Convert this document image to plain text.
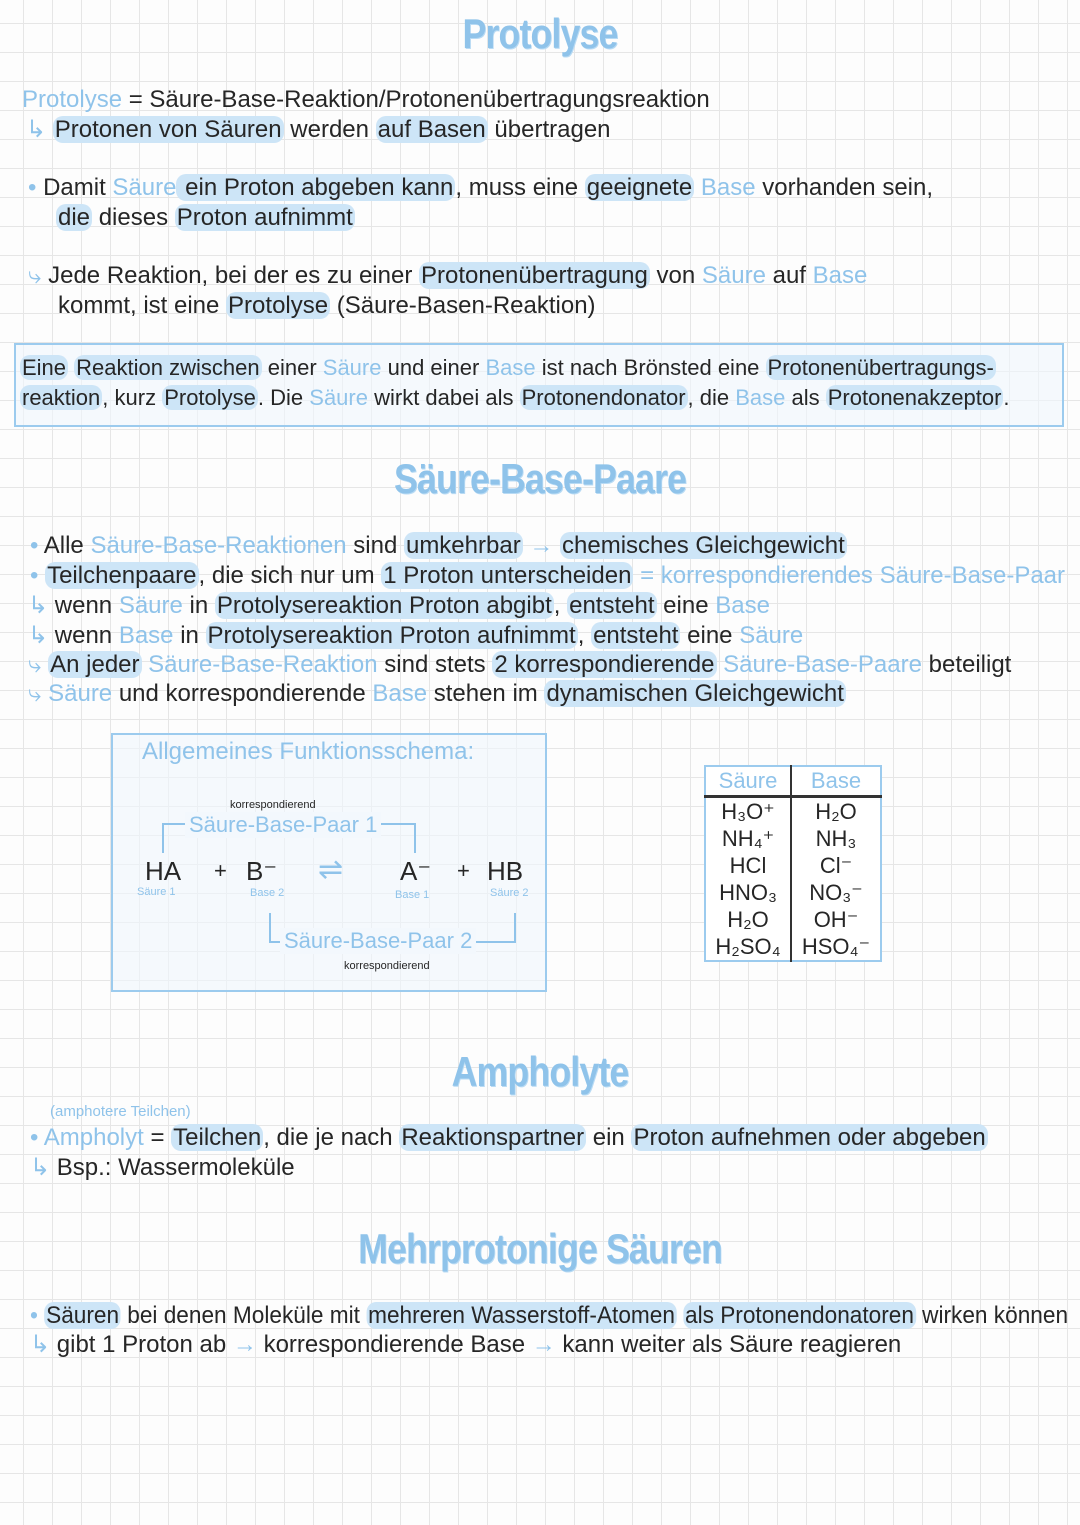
Protolyse
Protolyse = Säure-Base-Reaktion/Protonenübertragungsreaktion
↳ Protonen von Säuren werden auf Basen übertragen
• Damit Säure ein Proton abgeben kann, muss eine geeignete Base vorhanden sein,
die dieses Proton aufnimmt
⤷ Jede Reaktion, bei der es zu einer Protonenübertragung von Säure auf Base
kommt, ist eine Protolyse (Säure-Basen-Reaktion)
Eine Reaktion zwischen einer Säure und einer Base ist nach Brönsted eine Protonenübertragungs-
reaktion, kurz Protolyse. Die Säure wirkt dabei als Protonendonator, die Base als Protonenakzeptor.
Säure-Base-Paare
• Alle Säure-Base-Reaktionen sind umkehrbar → chemisches Gleichgewicht
• Teilchenpaare, die sich nur um 1 Proton unterscheiden = korrespondierendes Säure-Base-Paar
↳ wenn Säure in Protolysereaktion Proton abgibt, entsteht eine Base
↳ wenn Base in Protolysereaktion Proton aufnimmt, entsteht eine Säure
⤷ An jeder Säure-Base-Reaktion sind stets 2 korrespondierende Säure-Base-Paare beteiligt
⤷ Säure und korrespondierende Base stehen im dynamischen Gleichgewicht
Allgemeines Funktionsschema:
korrespondierend
Säure-Base-Paar 1
HA + B⁻ ⇌ A⁻ + HB
Säure 1	Base 2	Base 1	Säure 2
Säure-Base-Paar 2
korrespondierend
Säure	Base
H₃O⁺	H₂O
NH₄⁺	NH₃
HCl	Cl⁻
HNO₃	NO₃⁻
H₂O	OH⁻
H₂SO₄	HSO₄⁻
Ampholyte
(amphotere Teilchen)
• Ampholyt = Teilchen, die je nach Reaktionspartner ein Proton aufnehmen oder abgeben
↳ Bsp.: Wassermoleküle
Mehrprotonige Säuren
• Säuren bei denen Moleküle mit mehreren Wasserstoff-Atomen als Protonendonatoren wirken können
↳ gibt 1 Proton ab → korrespondierende Base → kann weiter als Säure reagieren
